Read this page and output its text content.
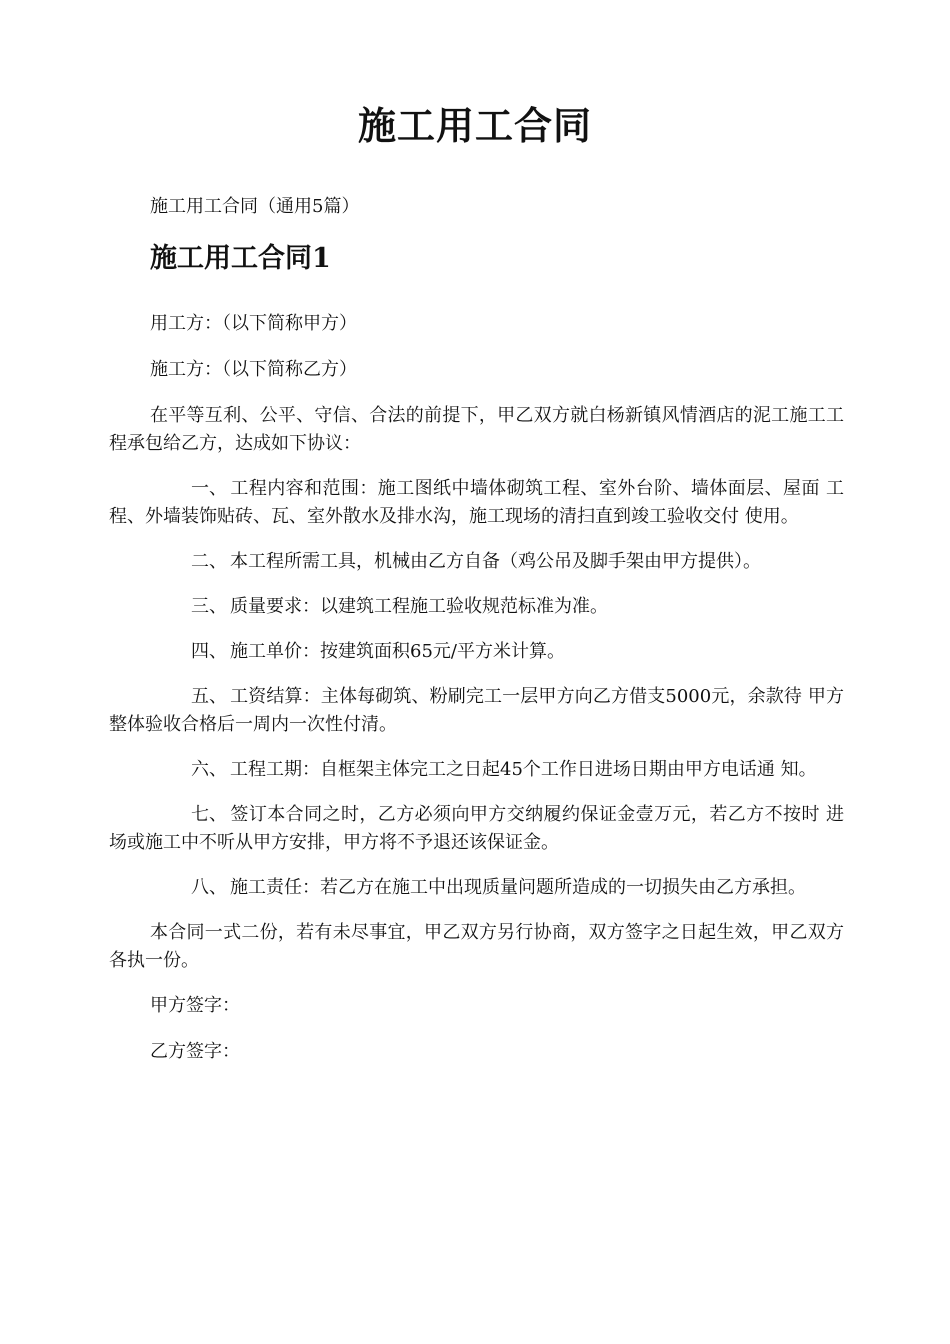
施工用工合同
施工用工合同（通用5篇）
施工用工合同1

用工方：（以下简称甲方）

施工方：（以下简称乙方）

在平等互利、公平、守信、合法的前提下，甲乙双方就白杨新镇风情酒店的泥工施工工程承包给乙方，达成如下协议：

一、 工程内容和范围：施工图纸中墙体砌筑工程、室外台阶、墙体面层、屋面 工程、外墙装饰贴砖、瓦、室外散水及排水沟，施工现场的清扫直到竣工验收交付 使用。

二、 本工程所需工具，机械由乙方自备（鸡公吊及脚手架由甲方提供）。

三、 质量要求：以建筑工程施工验收规范标准为准。

四、 施工单价：按建筑面积65元/平方米计算。

五、 工资结算：主体每砌筑、粉刷完工一层甲方向乙方借支5000元，余款待 甲方整体验收合格后一周内一次性付清。

六、 工程工期：自框架主体完工之日起45个工作日进场日期由甲方电话通 知。

七、 签订本合同之时，乙方必须向甲方交纳履约保证金壹万元，若乙方不按时 进场或施工中不听从甲方安排，甲方将不予退还该保证金。

八、 施工责任：若乙方在施工中出现质量问题所造成的一切损失由乙方承担。

本合同一式二份，若有未尽事宜，甲乙双方另行协商，双方签字之日起生效，甲乙双方各执一份。

甲方签字：

乙方签字：
